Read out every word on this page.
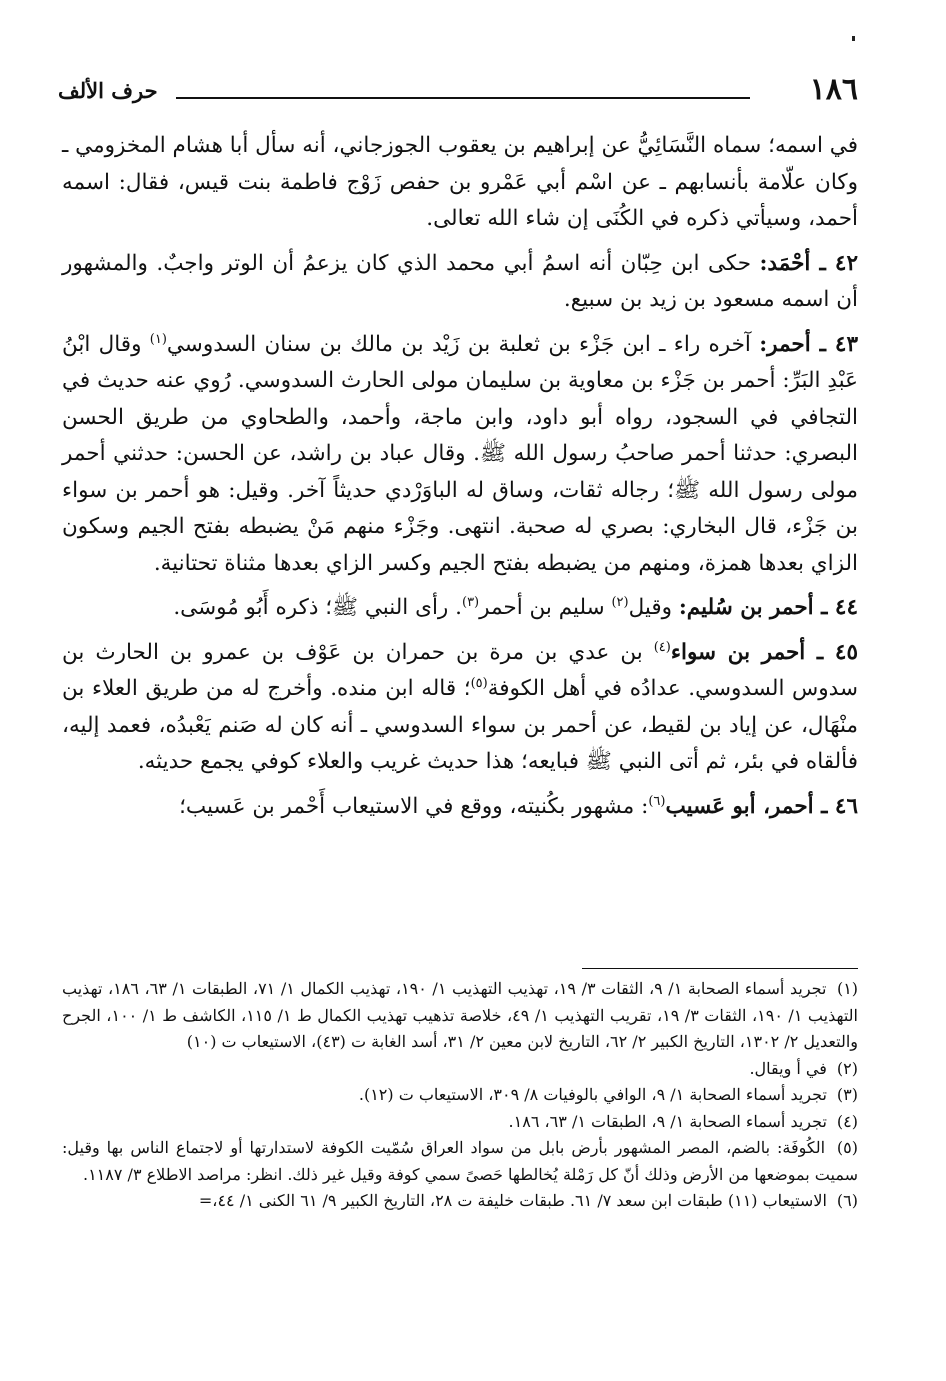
١٨٦
حرف الألف

في اسمه؛ سماه النَّسَائِيُّ عن إبراهيم بن يعقوب الجوزجاني، أنه سأل أبا هشام المخزومي ـ وكان علّامة بأنسابهم ـ عن اسْم أبي عَمْرو بن حفص زَوْج فاطمة بنت قيس، فقال: اسمه أحمد، وسيأتي ذكره في الكُنَى إن شاء الله تعالى.

٤٢ ـ أحْمَد: حكى ابن حِبّان أنه اسمُ أبي محمد الذي كان يزعمُ أن الوتر واجبٌ. والمشهور أن اسمه مسعود بن زيد بن سبيع.

٤٣ ـ أحمر: آخره راء ـ ابن جَزْء بن ثعلبة بن زَيْد بن مالك بن سنان السدوسي$^{(١)}$ وقال ابْنُ عَبْدِ البَرِّ: أحمر بن جَزْء بن معاوية بن سليمان مولى الحارث السدوسي. رُوي عنه حديث في التجافي في السجود، رواه أبو داود، وابن ماجة، وأحمد، والطحاوي من طريق الحسن البصري: حدثنا أحمر صاحبُ رسول الله ﷺ. وقال عباد بن راشد، عن الحسن: حدثني أحمر مولى رسول الله ﷺ؛ رجاله ثقات، وساق له الباوَرْدي حديثاً آخر. وقيل: هو أحمر بن سواء بن جَزْء، قال البخاري: بصري له صحبة. انتهى. وجَزْء منهم مَنْ يضبطه بفتح الجيم وسكون الزاي بعدها همزة، ومنهم من يضبطه بفتح الجيم وكسر الزاي بعدها مثناة تحتانية.

٤٤ ـ أحمر بن سُليم: وقيل$^{(٢)}$ سليم بن أحمر$^{(٣)}$. رأى النبي ﷺ؛ ذكره أَبُو مُوسَى.

٤٥ ـ أحمر بن سواء$^{(٤)}$ بن عدي بن مرة بن حمران بن عَوْف بن عمرو بن الحارث بن سدوس السدوسي. عدادُه في أهل الكوفة$^{(٥)}$؛ قاله ابن منده. وأخرج له من طريق العلاء بن منْهَال، عن إياد بن لقيط، عن أحمر بن سواء السدوسي ـ أنه كان له صَنم يَعْبدُه، فعمد إليه، فألقاه في بئر، ثم أتى النبي ﷺ فبايعه؛ هذا حديث غريب والعلاء كوفي يجمع حديثه.

٤٦ ـ أحمر، أبو عَسيب$^{(٦)}$: مشهور بكُنيته، ووقع في الاستيعاب أَحْمر بن عَسيب؛

(١) تجريد أسماء الصحابة ١/ ٩، الثقات ٣/ ١٩، تهذيب التهذيب ١/ ١٩٠، تهذيب الكمال ١/ ٧١، الطبقات ١/ ٦٣، ١٨٦، تهذيب التهذيب ١/ ١٩٠، الثقات ٣/ ١٩، تقريب التهذيب ١/ ٤٩، خلاصة تذهيب تهذيب الكمال ط ١/ ١١٥، الكاشف ط ١/ ١٠٠، الجرح والتعديل ٢/ ١٣٠٢، التاريخ الكبير ٢/ ٦٢، التاريخ لابن معين ٢/ ٣١، أسد الغابة ت (٤٣)، الاستيعاب ت (١٠)

(٢) في أ ويقال.

(٣) تجريد أسماء الصحابة ١/ ٩، الوافي بالوفيات ٨/ ٣٠٩، الاستيعاب ت (١٢).

(٤) تجريد أسماء الصحابة ١/ ٩، الطبقات ١/ ٦٣، ١٨٦.

(٥) الكُوفَة: بالضم، المصر المشهور بأرض بابل من سواد العراق سُمّيت الكوفة لاستدارتها أو لاجتماع الناس بها وقيل: سميت بموضعها من الأرض وذلك أنّ كل رَمْلة يُخالطها حَصىً سمي كوفة وقيل غير ذلك. انظر: مراصد الاطلاع ٣/ ١١٨٧.

(٦) الاستيعاب (١١) طبقات ابن سعد ٧/ ٦١. طبقات خليفة ت ٢٨، التاريخ الكبير ٩/ ٦١ الكنى ١/ ٤٤،=
